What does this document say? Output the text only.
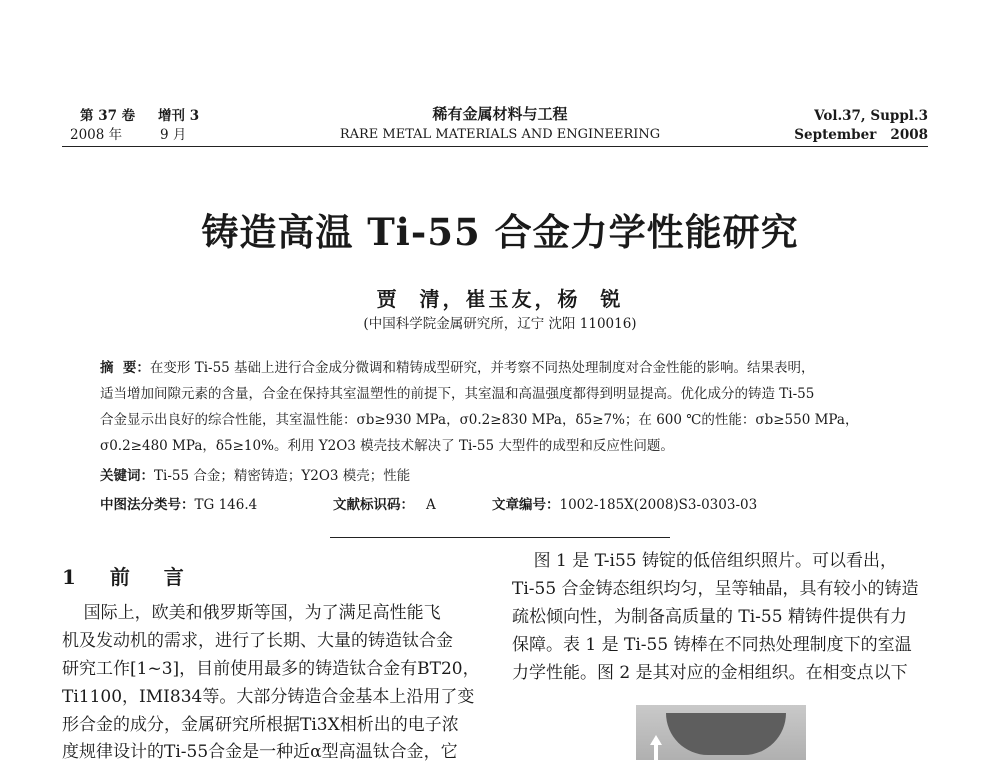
第 37 卷 增刊 3
2008 年	9 月
稀有金属材料与工程
RARE METAL MATERIALS AND ENGINEERING
Vol.37, Suppl.3
September   2008
铸造高温 Ti-55 合金力学性能研究
贾  清，崔玉友，杨  锐
(中国科学院金属研究所，辽宁 沈阳 110016)
摘  要：在变形 Ti-55 基础上进行合金成分微调和精铸成型研究，并考察不同热处理制度对合金性能的影响。结果表明，
适当增加间隙元素的含量，合金在保持其室温塑性的前提下，其室温和高温强度都得到明显提高。优化成分的铸造 Ti-55
合金显示出良好的综合性能，其室温性能：σb≥930 MPa，σ0.2≥830 MPa，δ5≥7%；在 600 ℃的性能：σb≥550 MPa，
σ0.2≥480 MPa，δ5≥10%。利用 Y2O3 模壳技术解决了 Ti-55 大型件的成型和反应性问题。
关键词：Ti-55 合金；精密铸造；Y2O3 模壳；性能
中图法分类号：TG 146.4	文献标识码： A	文章编号：1002-185X(2008)S3-0303-03
1  前  言
国际上，欧美和俄罗斯等国，为了满足高性能飞
机及发动机的需求，进行了长期、大量的铸造钛合金
研究工作[1~3]，目前使用最多的铸造钛合金有BT20，
Ti1100，IMI834等。大部分铸造合金基本上沿用了变
形合金的成分，金属研究所根据Ti3X相析出的电子浓
度规律设计的Ti-55合金是一种近α型高温钛合金，它
图 1 是 T-i55 铸锭的低倍组织照片。可以看出，
Ti-55 合金铸态组织均匀，呈等轴晶，具有较小的铸造
疏松倾向性，为制备高质量的 Ti-55 精铸件提供有力
保障。表 1 是 Ti-55 铸棒在不同热处理制度下的室温
力学性能。图 2 是其对应的金相组织。在相变点以下
